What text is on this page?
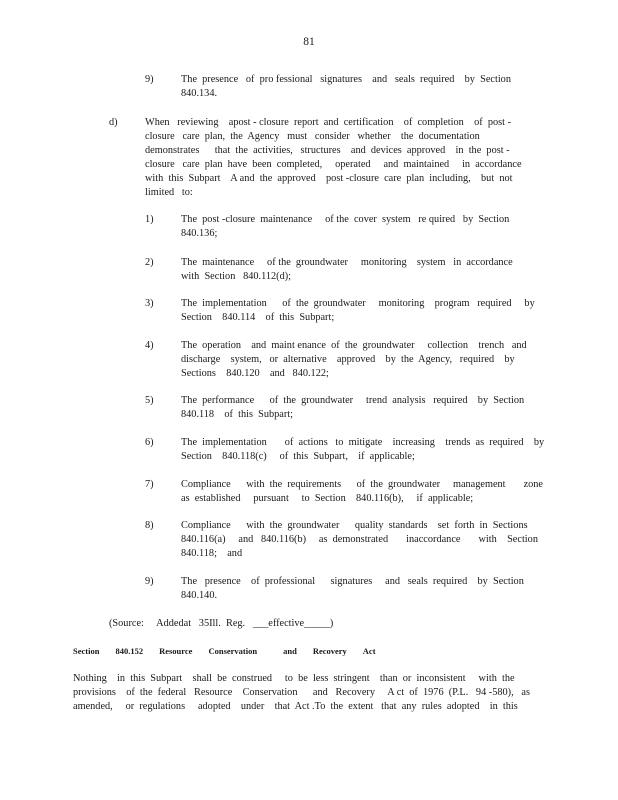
81
9)	The  presence   of  pro fessional   signatures    and   seals  required    by  Section
840.134.
d)	When   reviewing    apost - closure  report  and  certification    of  completion    of  post -
closure   care  plan,  the  Agency   must   consider   whether    the  documentation
demonstrates      that  the  activities,   structures    and  devices  approved    in  the  post -
closure   care  plan  have  been  completed,     operated     and  maintained     in  accordance
with  this  Subpart    A and  the  approved    post -closure  care  plan  including,    but  not
limited   to:
1)	The  post -closure  maintenance     of the  cover  system   re quired   by  Section
840.136;
2)	The  maintenance     of the  groundwater     monitoring    system   in  accordance
with  Section   840.112(d);
3)	The  implementation      of  the  groundwater     monitoring    program   required     by
Section    840.114    of  this  Subpart;
4)	The  operation    and  maint enance  of  the  groundwater     collection    trench   and
discharge    system,   or  alternative    approved    by  the  Agency,   required    by
Sections    840.120    and   840.122;
5)	The  performance      of  the  groundwater     trend  analysis   required    by  Section
840.118    of  this  Subpart;
6)	The  implementation       of  actions   to  mitigate    increasing    trends  as  required    by
Section    840.118(c)     of  this  Subpart,    if  applicable;
7)	Compliance      with  the  requirements      of  the  groundwater     management       zone
as  established     pursuant     to  Section    840.116(b),     if  applicable;
8)	Compliance      with  the  groundwater      quality  standards    set  forth  in  Sections
840.116(a)     and   840.116(b)     as  demonstrated       inaccordance       with    Section
840.118;    and
9)	The   presence    of  professional      signatures     and   seals  required    by  Section
840.140.
(Source:     Addedat   35Ill.  Reg.   ___effective_____)
Section 840.152 Resource Conservation	and Recovery Act
Nothing    in  this  Subpart    shall  be  construed     to  be  less  stringent    than  or  inconsistent     with  the
provisions    of  the  federal   Resource    Conservation      and   Recovery     A ct  of  1976  (P.L.   94 -580),   as
amended,     or  regulations     adopted    under    that  Act .To  the  extent   that  any  rules  adopted    in  this
